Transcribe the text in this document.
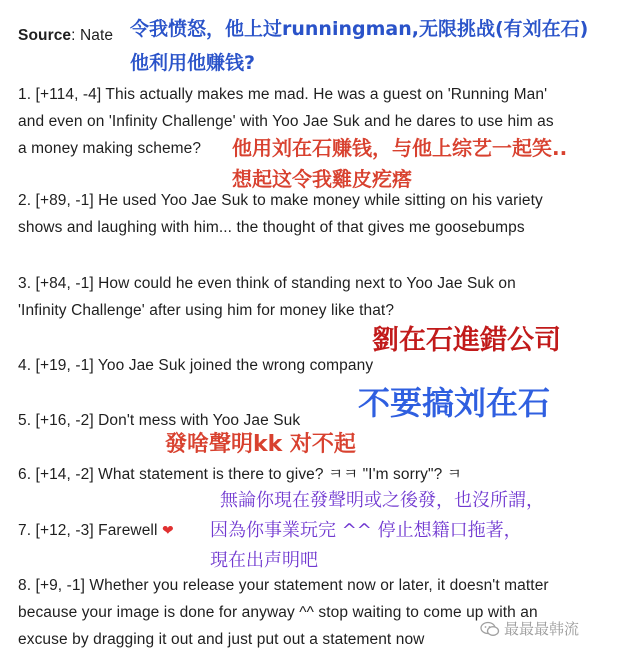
Source: Nate
1. [+114, -4] This actually makes me mad. He was a guest on 'Running Man'
and even on 'Infinity Challenge' with Yoo Jae Suk and he dares to use him as
a money making scheme?
2. [+89, -1] He used Yoo Jae Suk to make money while sitting on his variety
shows and laughing with him... the thought of that gives me goosebumps
3. [+84, -1] How could he even think of standing next to Yoo Jae Suk on
'Infinity Challenge' after using him for money like that?
4. [+19, -1] Yoo Jae Suk joined the wrong company
5. [+16, -2] Don't mess with Yoo Jae Suk
6. [+14, -2] What statement is there to give? ㅋㅋ "I'm sorry"? ㅋ
7. [+12, -3] Farewell ❤
8. [+9, -1] Whether you release your statement now or later, it doesn't matter
because your image is done for anyway ^^ stop waiting to come up with an
excuse by dragging it out and just put out a statement now
令我愤怒，他上过runningman,无限挑战(有刘在石)
他利用他赚钱?
他用刘在石赚钱，与他上综艺一起笑..
想起这令我雞皮疙瘩
劉在石進錯公司
不要搞刘在石
發啥聲明kk 对不起
無論你現在發聲明或之後發，也沒所謂，
因為你事業玩完 ^^ 停止想籍口拖著，
現在出声明吧
最最最韩流
